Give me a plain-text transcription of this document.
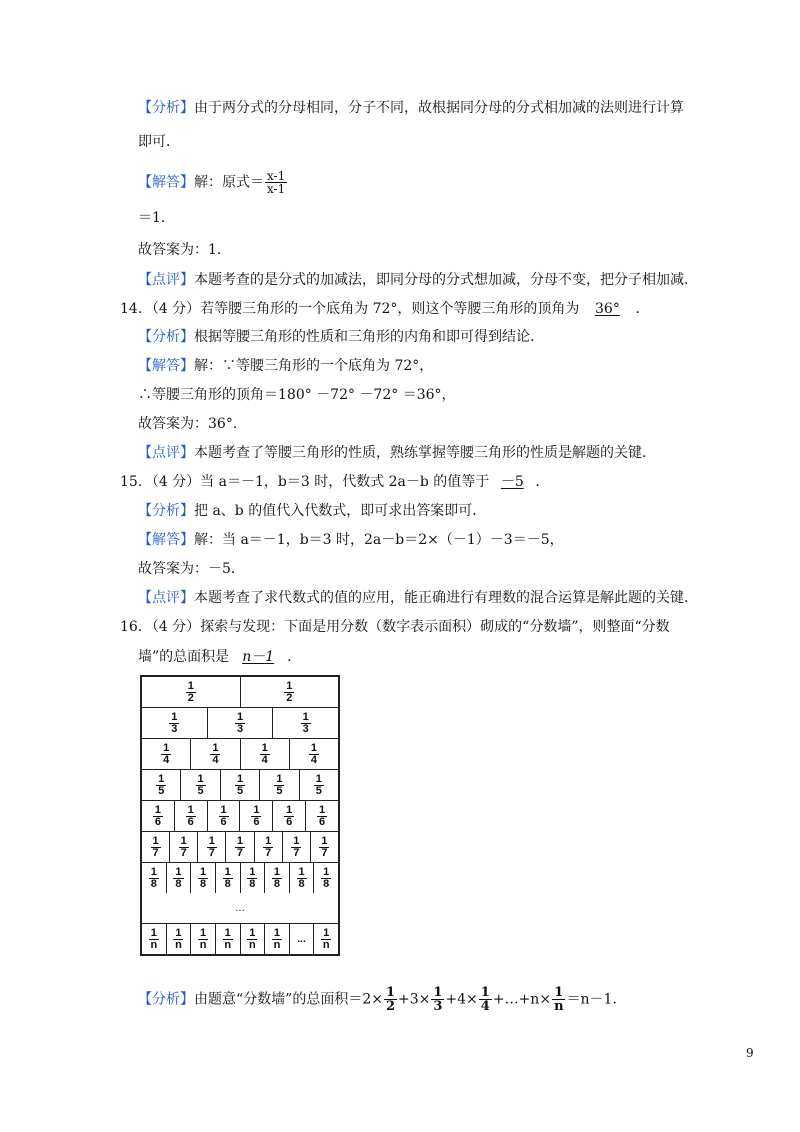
【分析】由于两分式的分母相同，分子不同，故根据同分母的分式相加减的法则进行计算
即可．
【解答】解：原式＝ $\frac{x-1}{x-1}$
＝1．
故答案为：1．
【点评】本题考查的是分式的加减法，即同分母的分式想加减，分母不变，把分子相加减．
14．（4 分）若等腰三角形的一个底角为 72°，则这个等腰三角形的顶角为 36° ．
【分析】根据等腰三角形的性质和三角形的内角和即可得到结论．
【解答】解：∵等腰三角形的一个底角为 72°，
∴等腰三角形的顶角＝180° －72° －72° ＝36°，
故答案为：36°．
【点评】本题考查了等腰三角形的性质，熟练掌握等腰三角形的性质是解题的关键．
15．（4 分）当 a＝－1，b＝3 时，代数式 2a－b 的值等于 －5 ．
【分析】把 a、b 的值代入代数式，即可求出答案即可．
【解答】解：当 a＝－1，b＝3 时，2a－b＝2×（－1）－3＝－5，
故答案为：－5．
【点评】本题考查了求代数式的值的应用，能正确进行有理数的混合运算是解此题的关键．
16．（4 分）探索与发现：下面是用分数（数字表示面积）砌成的“分数墙”，则整面“分数
墙”的总面积是 n－1 ．
$\frac{1}{2}$	$\frac{1}{2}$
$\frac{1}{3}$	$\frac{1}{3}$	$\frac{1}{3}$
$\frac{1}{4}$	$\frac{1}{4}$	$\frac{1}{4}$	$\frac{1}{4}$
$\frac{1}{5}$	$\frac{1}{5}$	$\frac{1}{5}$	$\frac{1}{5}$	$\frac{1}{5}$
$\frac{1}{6} \frac{1}{6} \frac{1}{6} \frac{1}{6} \frac{1}{6} \frac{1}{6}$
$\frac{1}{7} \frac{1}{7} \frac{1}{7} \frac{1}{7} \frac{1}{7} \frac{1}{7} \frac{1}{7}$
$\frac{1}{8} \frac{1}{8} \frac{1}{8} \frac{1}{8} \frac{1}{8} \frac{1}{8} \frac{1}{8} \frac{1}{8}$
...
$\frac{1}{n} \frac{1}{n} \frac{1}{n} \frac{1}{n} \frac{1}{n} \frac{1}{n}$ ... $\frac{1}{n}$
【分析】由题意“分数墙”的总面积$=2\times \frac{1}{2} +3\times \frac{1}{3} +4\times \frac{1}{4}$ +…+n× $\frac{1}{n} =n-1$．
9
